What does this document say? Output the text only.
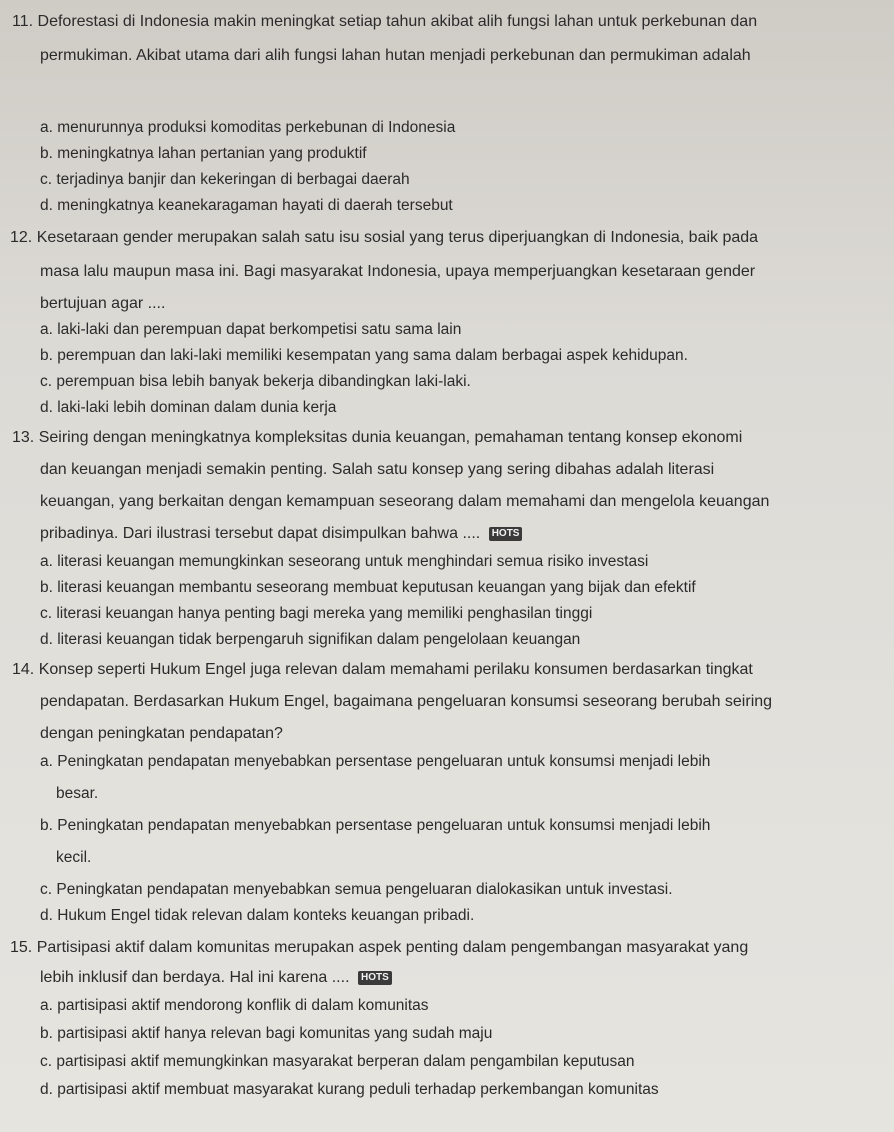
11. Deforestasi di Indonesia makin meningkat setiap tahun akibat alih fungsi lahan untuk perkebunan dan
permukiman. Akibat utama dari alih fungsi lahan hutan menjadi perkebunan dan permukiman adalah
a. menurunnya produksi komoditas perkebunan di Indonesia
b. meningkatnya lahan pertanian yang produktif
c. terjadinya banjir dan kekeringan di berbagai daerah
d. meningkatnya keanekaragaman hayati di daerah tersebut
12. Kesetaraan gender merupakan salah satu isu sosial yang terus diperjuangkan di Indonesia, baik pada
masa lalu maupun masa ini. Bagi masyarakat Indonesia, upaya memperjuangkan kesetaraan gender
bertujuan agar ....
a. laki-laki dan perempuan dapat berkompetisi satu sama lain
b. perempuan dan laki-laki memiliki kesempatan yang sama dalam berbagai aspek kehidupan.
c. perempuan bisa lebih banyak bekerja dibandingkan laki-laki.
d. laki-laki lebih dominan dalam dunia kerja
13. Seiring dengan meningkatnya kompleksitas dunia keuangan, pemahaman tentang konsep ekonomi
dan keuangan menjadi semakin penting. Salah satu konsep yang sering dibahas adalah literasi
keuangan, yang berkaitan dengan kemampuan seseorang dalam memahami dan mengelola keuangan
pribadinya. Dari ilustrasi tersebut dapat disimpulkan bahwa .... HOTS
a. literasi keuangan memungkinkan seseorang untuk menghindari semua risiko investasi
b. literasi keuangan membantu seseorang membuat keputusan keuangan yang bijak dan efektif
c. literasi keuangan hanya penting bagi mereka yang memiliki penghasilan tinggi
d. literasi keuangan tidak berpengaruh signifikan dalam pengelolaan keuangan
14. Konsep seperti Hukum Engel juga relevan dalam memahami perilaku konsumen berdasarkan tingkat
pendapatan. Berdasarkan Hukum Engel, bagaimana pengeluaran konsumsi seseorang berubah seiring
dengan peningkatan pendapatan?
a. Peningkatan pendapatan menyebabkan persentase pengeluaran untuk konsumsi menjadi lebih
besar.
b. Peningkatan pendapatan menyebabkan persentase pengeluaran untuk konsumsi menjadi lebih
kecil.
c. Peningkatan pendapatan menyebabkan semua pengeluaran dialokasikan untuk investasi.
d. Hukum Engel tidak relevan dalam konteks keuangan pribadi.
15. Partisipasi aktif dalam komunitas merupakan aspek penting dalam pengembangan masyarakat yang
lebih inklusif dan berdaya. Hal ini karena .... HOTS
a. partisipasi aktif mendorong konflik di dalam komunitas
b. partisipasi aktif hanya relevan bagi komunitas yang sudah maju
c. partisipasi aktif memungkinkan masyarakat berperan dalam pengambilan keputusan
d. partisipasi aktif membuat masyarakat kurang peduli terhadap perkembangan komunitas
